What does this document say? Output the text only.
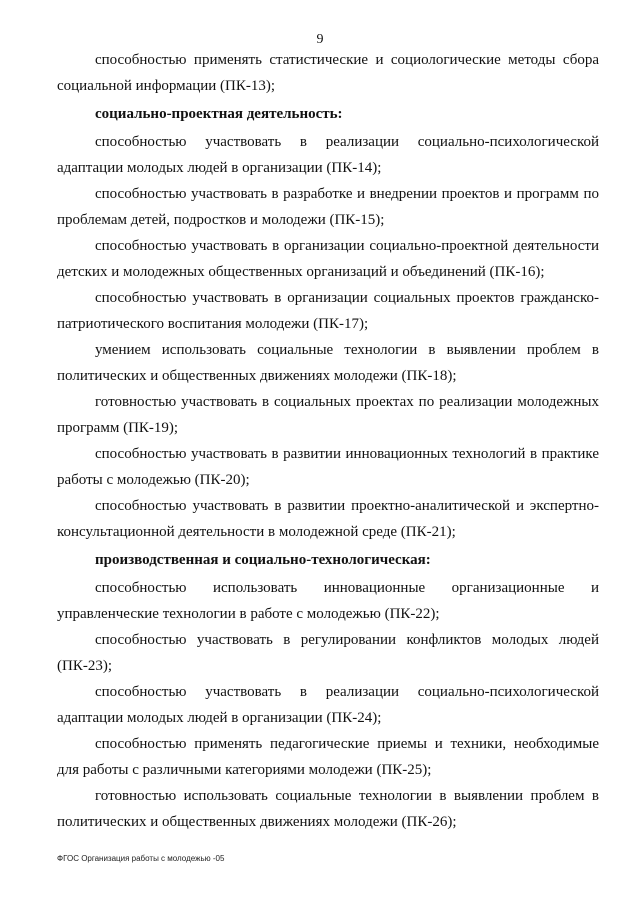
9

способностью применять статистические и социологические методы сбора социальной информации (ПК-13);

социально-проектная деятельность:

способностью участвовать в реализации социально-психологической адаптации молодых людей в организации (ПК-14);

способностью участвовать в разработке и внедрении проектов и программ по проблемам детей, подростков и молодежи (ПК-15);

способностью участвовать в организации социально-проектной деятельности детских и молодежных общественных организаций и объединений (ПК-16);

способностью участвовать в организации социальных проектов гражданско-патриотического воспитания молодежи (ПК-17);

умением использовать социальные технологии в выявлении проблем в политических и общественных движениях молодежи (ПК-18);

готовностью участвовать в социальных проектах по реализации молодежных программ (ПК-19);

способностью участвовать в развитии инновационных технологий в практике работы с молодежью (ПК-20);

способностью участвовать в развитии проектно-аналитической и экспертно-консультационной деятельности в молодежной среде (ПК-21);

производственная и социально-технологическая:

способностью использовать инновационные организационные и управленческие технологии в работе с молодежью (ПК-22);

способностью участвовать в регулировании конфликтов молодых людей (ПК-23);

способностью участвовать в реализации социально-психологической адаптации молодых людей в организации (ПК-24);

способностью применять педагогические приемы и техники, необходимые для работы с различными категориями молодежи (ПК-25);

готовностью использовать социальные технологии в выявлении проблем в политических и общественных движениях молодежи (ПК-26);

ФГОС Организация работы с молодежью -05
